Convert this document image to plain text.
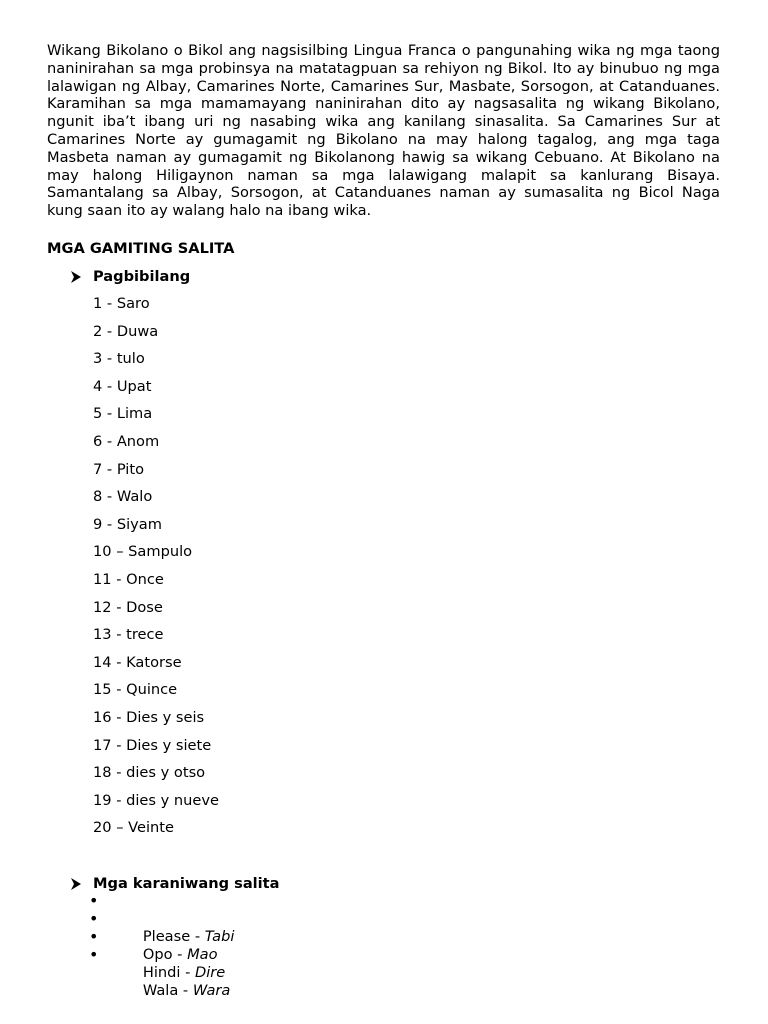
Wikang Bikolano o Bikol ang nagsisilbing Lingua Franca o pangunahing wika ng mga taong naninirahan sa mga probinsya na matatagpuan sa rehiyon ng Bikol. Ito ay binubuo ng mga lalawigan ng Albay, Camarines Norte, Camarines Sur, Masbate, Sorsogon, at Catanduanes. Karamihan sa mga mamamayang naninirahan dito ay nagsasalita ng wikang Bikolano, ngunit iba’t ibang uri ng nasabing wika ang kanilang sinasalita. Sa Camarines Sur at Camarines Norte ay gumagamit ng Bikolano na may halong tagalog, ang mga taga Masbeta naman ay gumagamit ng Bikolanong hawig sa wikang Cebuano. At Bikolano na may halong Hiligaynon naman sa mga lalawigang malapit sa kanlurang Bisaya. Samantalang sa Albay, Sorsogon, at Catanduanes naman ay sumasalita ng Bicol Naga kung saan ito ay walang halo na ibang wika.

MGA GAMITING SALITA
Pagbibilang
1 - Saro
2 - Duwa
3 - tulo
4 - Upat
5 - Lima
6 - Anom
7 - Pito
8 - Walo
9 - Siyam
10 – Sampulo
11 - Once
12 - Dose
13 - trece
14 - Katorse
15 - Quince
16 - Dies y seis
17 - Dies y siete
18 - dies y otso
19 - dies y nueve
20 – Veinte
Mga karaniwang salita

•

Please - Tabi

•

Opo - Mao

•

Hindi - Dire

•

Wala - Wara
